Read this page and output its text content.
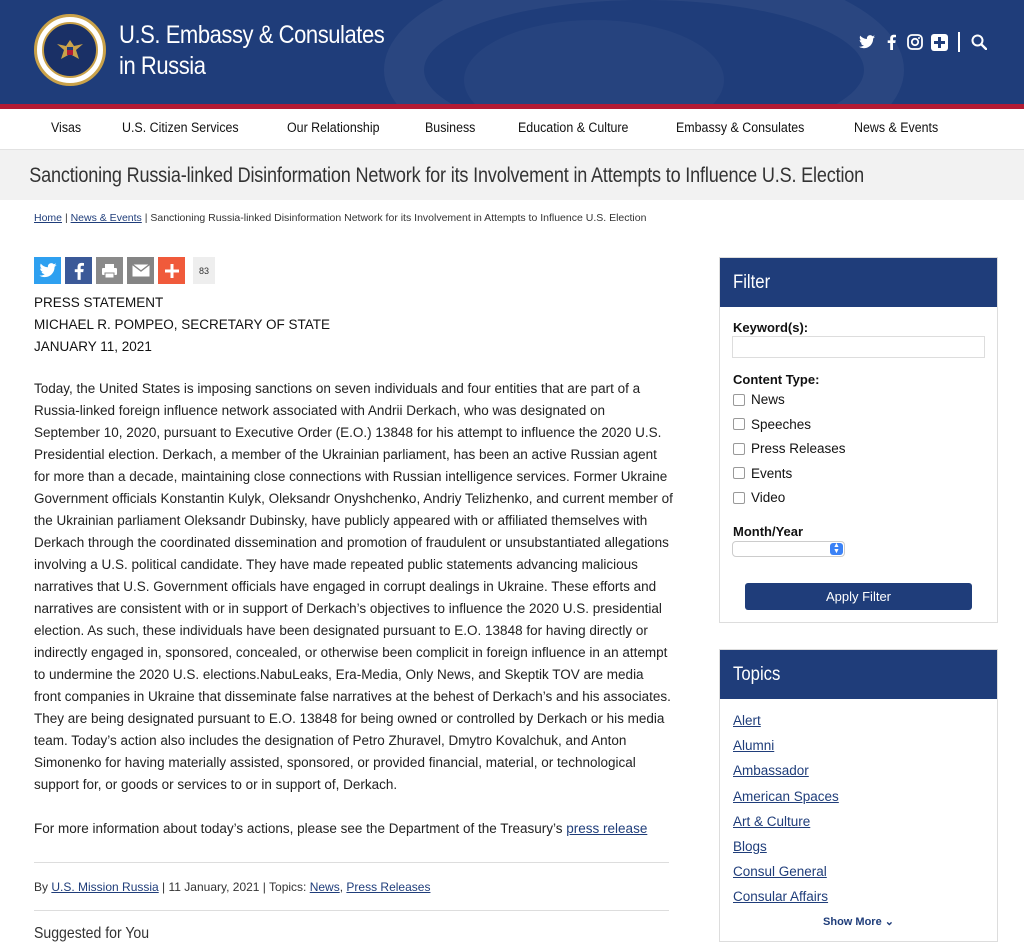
U.S. Embassy & Consulates
in Russia
Visas	U.S. Citizen Services	Our Relationship	Business	Education & Culture	Embassy & Consulates	News & Events
Sanctioning Russia-linked Disinformation Network for its Involvement in Attempts to Influence U.S. Election
Home | News & Events | Sanctioning Russia-linked Disinformation Network for its Involvement in Attempts to Influence U.S. Election
83
PRESS STATEMENT
MICHAEL R. POMPEO, SECRETARY OF STATE
JANUARY 11, 2021

Today, the United States is imposing sanctions on seven individuals and four entities that are part of a Russia-linked foreign influence network associated with Andrii Derkach, who was designated on September 10, 2020, pursuant to Executive Order (E.O.) 13848 for his attempt to influence the 2020 U.S. Presidential election. Derkach, a member of the Ukrainian parliament, has been an active Russian agent for more than a decade, maintaining close connections with Russian intelligence services. Former Ukraine Government officials Konstantin Kulyk, Oleksandr Onyshchenko, Andriy Telizhenko, and current member of the Ukrainian parliament Oleksandr Dubinsky, have publicly appeared with or affiliated themselves with Derkach through the coordinated dissemination and promotion of fraudulent or unsubstantiated allegations involving a U.S. political candidate. They have made repeated public statements advancing malicious narratives that U.S. Government officials have engaged in corrupt dealings in Ukraine. These efforts and narratives are consistent with or in support of Derkach’s objectives to influence the 2020 U.S. presidential election. As such, these individuals have been designated pursuant to E.O. 13848 for having directly or indirectly engaged in, sponsored, concealed, or otherwise been complicit in foreign influence in an attempt to undermine the 2020 U.S. elections.NabuLeaks, Era-Media, Only News, and Skeptik TOV are media front companies in Ukraine that disseminate false narratives at the behest of Derkach’s and his associates. They are being designated pursuant to E.O. 13848 for being owned or controlled by Derkach or his media team. Today’s action also includes the designation of Petro Zhuravel, Dmytro Kovalchuk, and Anton Simonenko for having materially assisted, sponsored, or provided financial, material, or technological support for, or goods or services to or in support of, Derkach.

For more information about today’s actions, please see the Department of the Treasury’s press release

By U.S. Mission Russia | 11 January, 2021 | Topics: News, Press Releases
Suggested for You
Filter
Keyword(s):
Content Type:
News
Speeches
Press Releases
Events
Video
Month/Year
▲
▼
Apply Filter
Topics
Alert
Alumni
Ambassador
American Spaces
Art & Culture
Blogs
Consul General
Consular Affairs
Show More ⌄
